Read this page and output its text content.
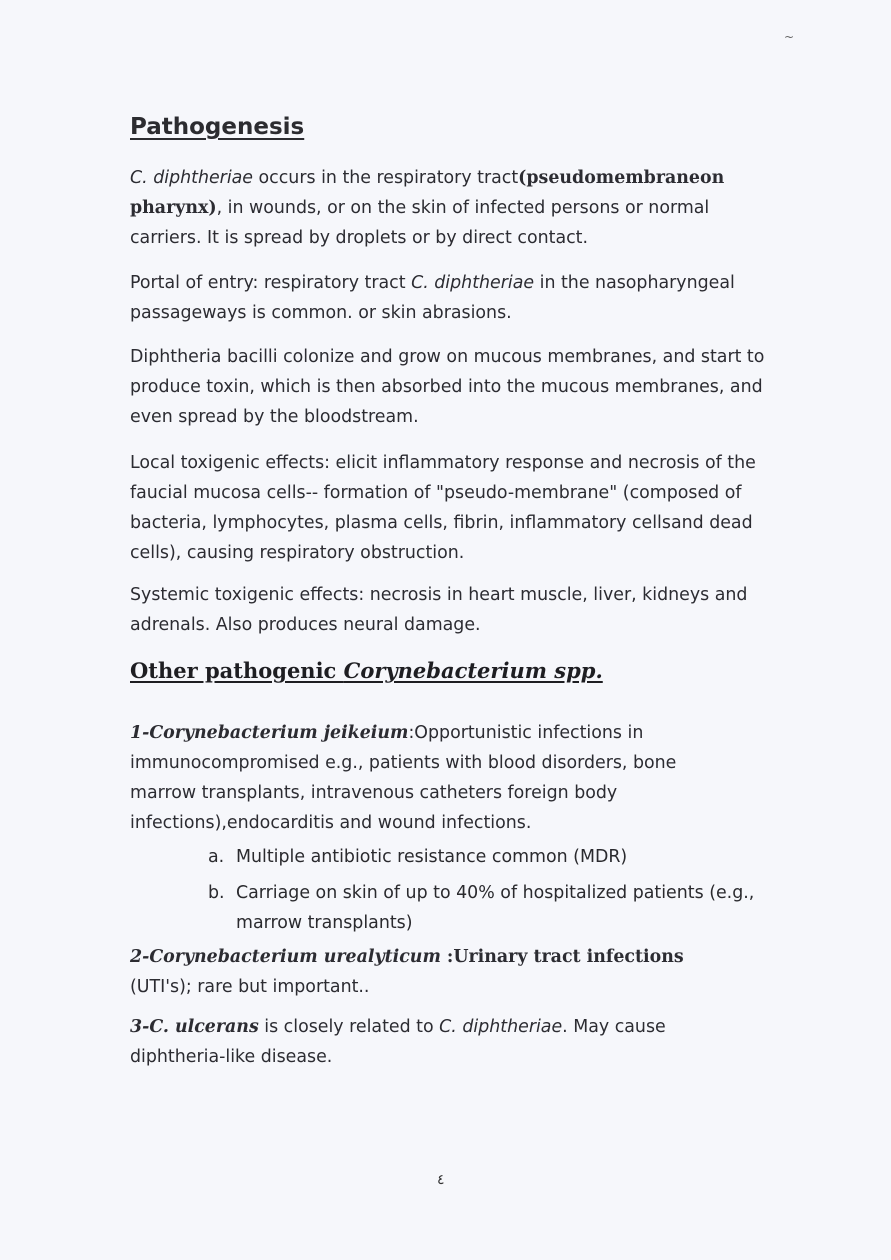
~
Pathogenesis

C. diphtheriae occurs in the respiratory tract(pseudomembraneon pharynx), in wounds, or on the skin of infected persons or normal carriers. It is spread by droplets or by direct contact.

Portal of entry: respiratory tract C. diphtheriae in the nasopharyngeal passageways is common. or skin abrasions.

Diphtheria bacilli colonize and grow on mucous membranes, and start to produce toxin, which is then absorbed into the mucous membranes, and even spread by the bloodstream.

Local toxigenic effects: elicit inflammatory response and necrosis of the faucial mucosa cells-- formation of "pseudo-membrane" (composed of bacteria, lymphocytes, plasma cells, fibrin, inflammatory cellsand dead cells), causing respiratory obstruction.

Systemic toxigenic effects: necrosis in heart muscle, liver, kidneys and adrenals. Also produces neural damage.

Other pathogenic Corynebacterium spp.

1-Corynebacterium jeikeium:Opportunistic infections in immunocompromised e.g., patients with blood disorders, bone marrow transplants, intravenous catheters foreign body infections),endocarditis and wound infections.

a. Multiple antibiotic resistance common (MDR)
b. Carriage on skin of up to 40% of hospitalized patients (e.g., marrow transplants)

2-Corynebacterium urealyticum :Urinary tract infections (UTI's); rare but important..

3-C. ulcerans is closely related to C. diphtheriae. May cause diphtheria-like disease.

٤
